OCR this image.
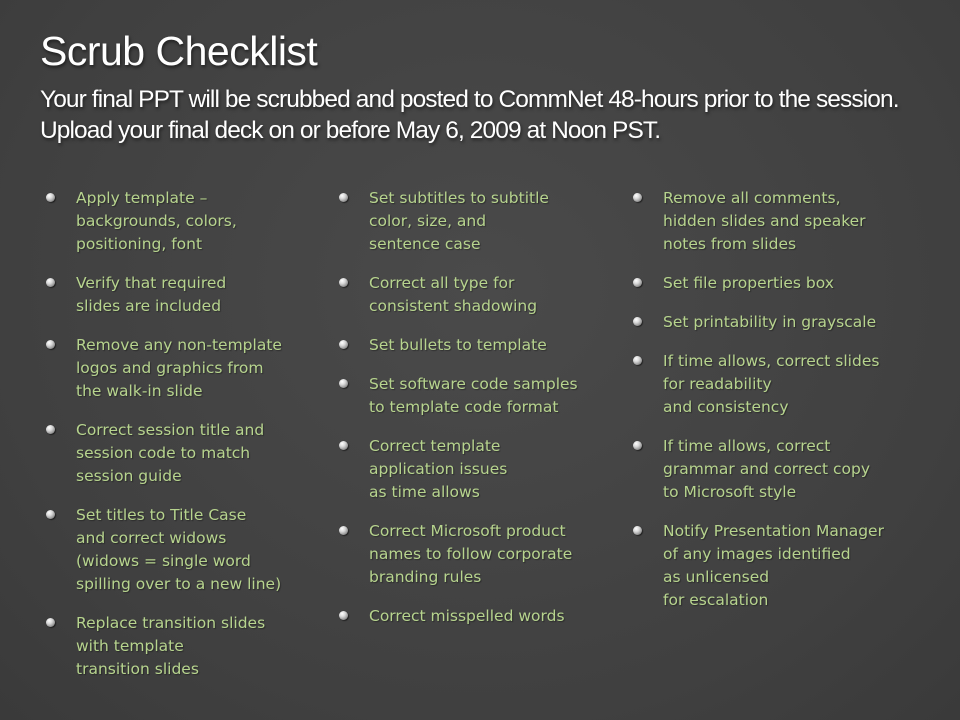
Scrub Checklist
Your final PPT will be scrubbed and posted to CommNet 48-hours prior to the session. Upload your final deck on or before May 6, 2009 at Noon PST.
Apply template –
backgrounds, colors,
positioning, font
Verify that required
slides are included
Remove any non-template
logos and graphics from
the walk-in slide
Correct session title and
session code to match
session guide
Set titles to Title Case
and correct widows
(widows = single word
spilling over to a new line)
Replace transition slides
with template
transition slides
Set subtitles to subtitle
color, size, and
sentence case
Correct all type for
consistent shadowing
Set bullets to template
Set software code samples
to template code format
Correct template
application issues
as time allows
Correct Microsoft product
names to follow corporate
branding rules
Correct misspelled words
Remove all comments,
hidden slides and speaker
notes from slides
Set file properties box
Set printability in grayscale
If time allows, correct slides
for readability
and consistency
If time allows, correct
grammar and correct copy
to Microsoft style
Notify Presentation Manager
of any images identified
as unlicensed
for escalation
